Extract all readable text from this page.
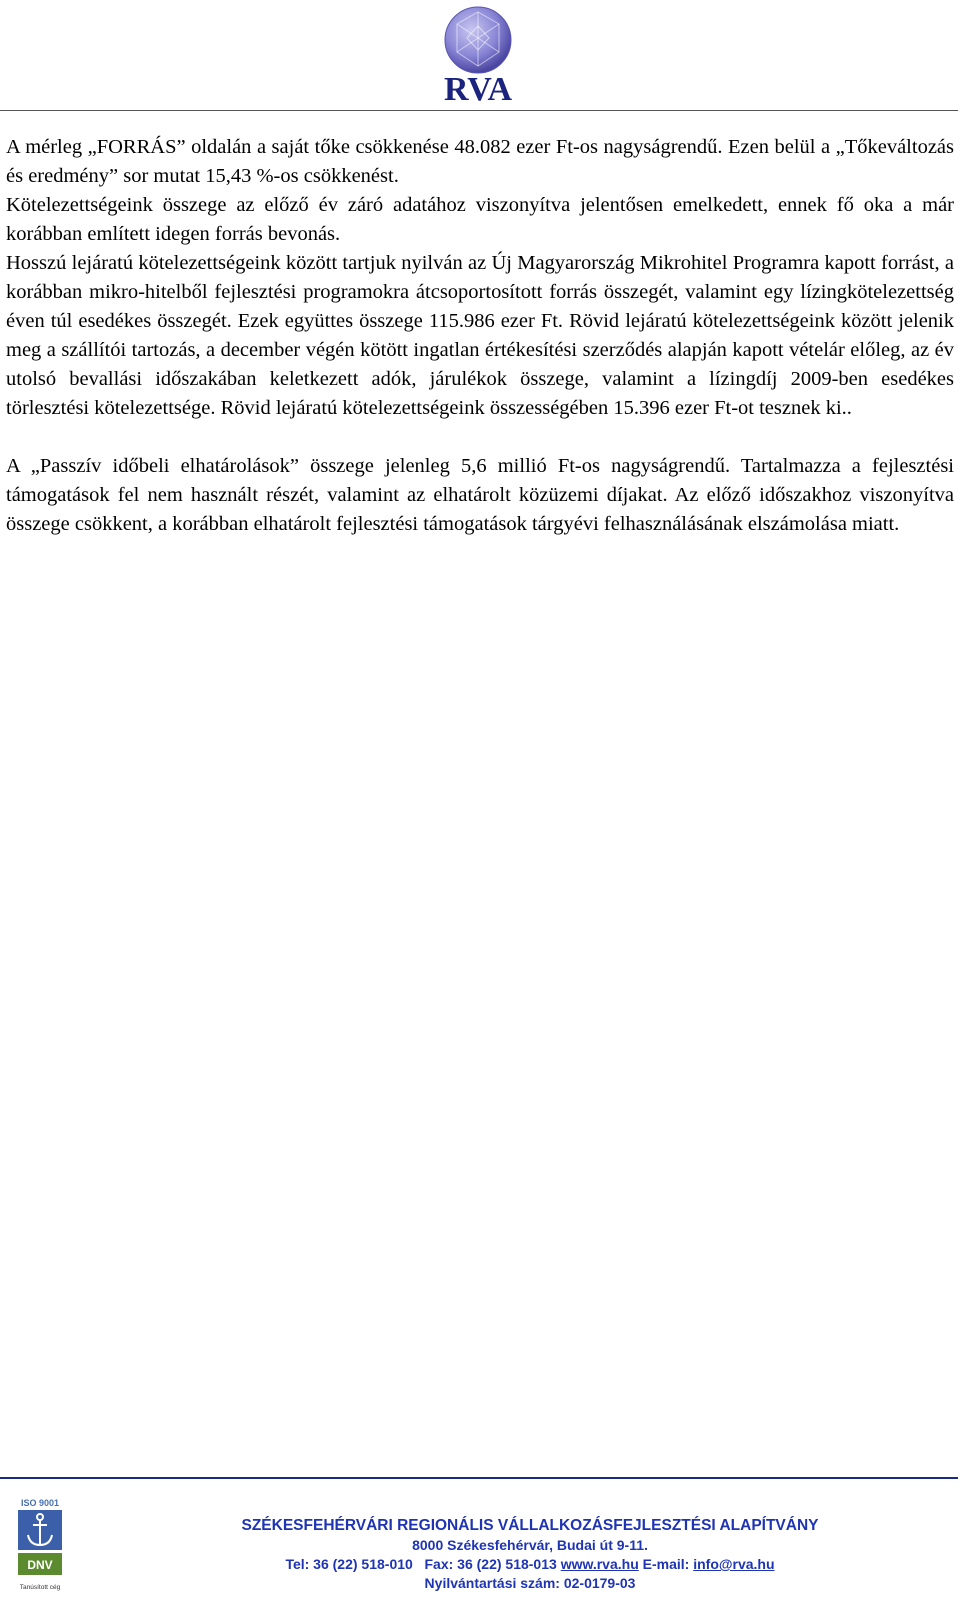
RVA

A mérleg „FORRÁS” oldalán a saját tőke csökkenése 48.082 ezer Ft-os nagyságrendű. Ezen belül a „Tőkeváltozás és eredmény” sor mutat 15,43 %-os csökkenést.

Kötelezettségeink összege az előző év záró adatához viszonyítva jelentősen emelkedett, ennek fő oka a már korábban említett idegen forrás bevonás.

Hosszú lejáratú kötelezettségeink között tartjuk nyilván az Új Magyarország Mikrohitel Programra kapott forrást, a korábban mikro-hitelből fejlesztési programokra átcsoportosított forrás összegét, valamint egy lízingkötelezettség éven túl esedékes összegét. Ezek együttes összege 115.986 ezer Ft. Rövid lejáratú kötelezettségeink között jelenik meg a szállítói tartozás, a december végén kötött ingatlan értékesítési szerződés alapján kapott vételár előleg, az év utolsó bevallási időszakában keletkezett adók, járulékok összege, valamint a lízingdíj 2009-ben esedékes törlesztési kötelezettsége. Rövid lejáratú kötelezettségeink összességében 15.396 ezer Ft-ot tesznek ki..

A „Passzív időbeli elhatárolások” összege jelenleg 5,6 millió Ft-os nagyságrendű. Tartalmazza a fejlesztési támogatások fel nem használt részét, valamint az elhatárolt közüzemi díjakat. Az előző időszakhoz viszonyítva összege csökkent, a korábban elhatárolt fejlesztési támogatások tárgyévi felhasználásának elszámolása miatt.

ISO 9001
DNV
Tanúsított cég
SZÉKESFEHÉRVÁRI REGIONÁLIS VÁLLALKOZÁSFEJLESZTÉSI ALAPÍTVÁNY
8000 Székesfehérvár, Budai út 9-11.
Tel: 36 (22) 518-010 Fax: 36 (22) 518-013 www.rva.hu E-mail: info@rva.hu
Nyilvántartási szám: 02-0179-03
